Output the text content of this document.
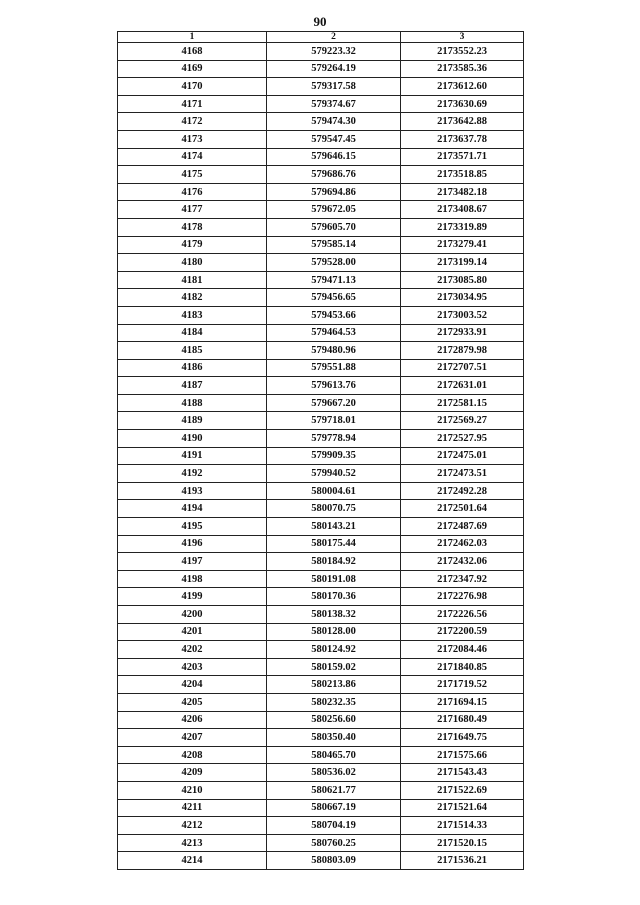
90
1	2	3
4168	579223.32	2173552.23
4169	579264.19	2173585.36
4170	579317.58	2173612.60
4171	579374.67	2173630.69
4172	579474.30	2173642.88
4173	579547.45	2173637.78
4174	579646.15	2173571.71
4175	579686.76	2173518.85
4176	579694.86	2173482.18
4177	579672.05	2173408.67
4178	579605.70	2173319.89
4179	579585.14	2173279.41
4180	579528.00	2173199.14
4181	579471.13	2173085.80
4182	579456.65	2173034.95
4183	579453.66	2173003.52
4184	579464.53	2172933.91
4185	579480.96	2172879.98
4186	579551.88	2172707.51
4187	579613.76	2172631.01
4188	579667.20	2172581.15
4189	579718.01	2172569.27
4190	579778.94	2172527.95
4191	579909.35	2172475.01
4192	579940.52	2172473.51
4193	580004.61	2172492.28
4194	580070.75	2172501.64
4195	580143.21	2172487.69
4196	580175.44	2172462.03
4197	580184.92	2172432.06
4198	580191.08	2172347.92
4199	580170.36	2172276.98
4200	580138.32	2172226.56
4201	580128.00	2172200.59
4202	580124.92	2172084.46
4203	580159.02	2171840.85
4204	580213.86	2171719.52
4205	580232.35	2171694.15
4206	580256.60	2171680.49
4207	580350.40	2171649.75
4208	580465.70	2171575.66
4209	580536.02	2171543.43
4210	580621.77	2171522.69
4211	580667.19	2171521.64
4212	580704.19	2171514.33
4213	580760.25	2171520.15
4214	580803.09	2171536.21
